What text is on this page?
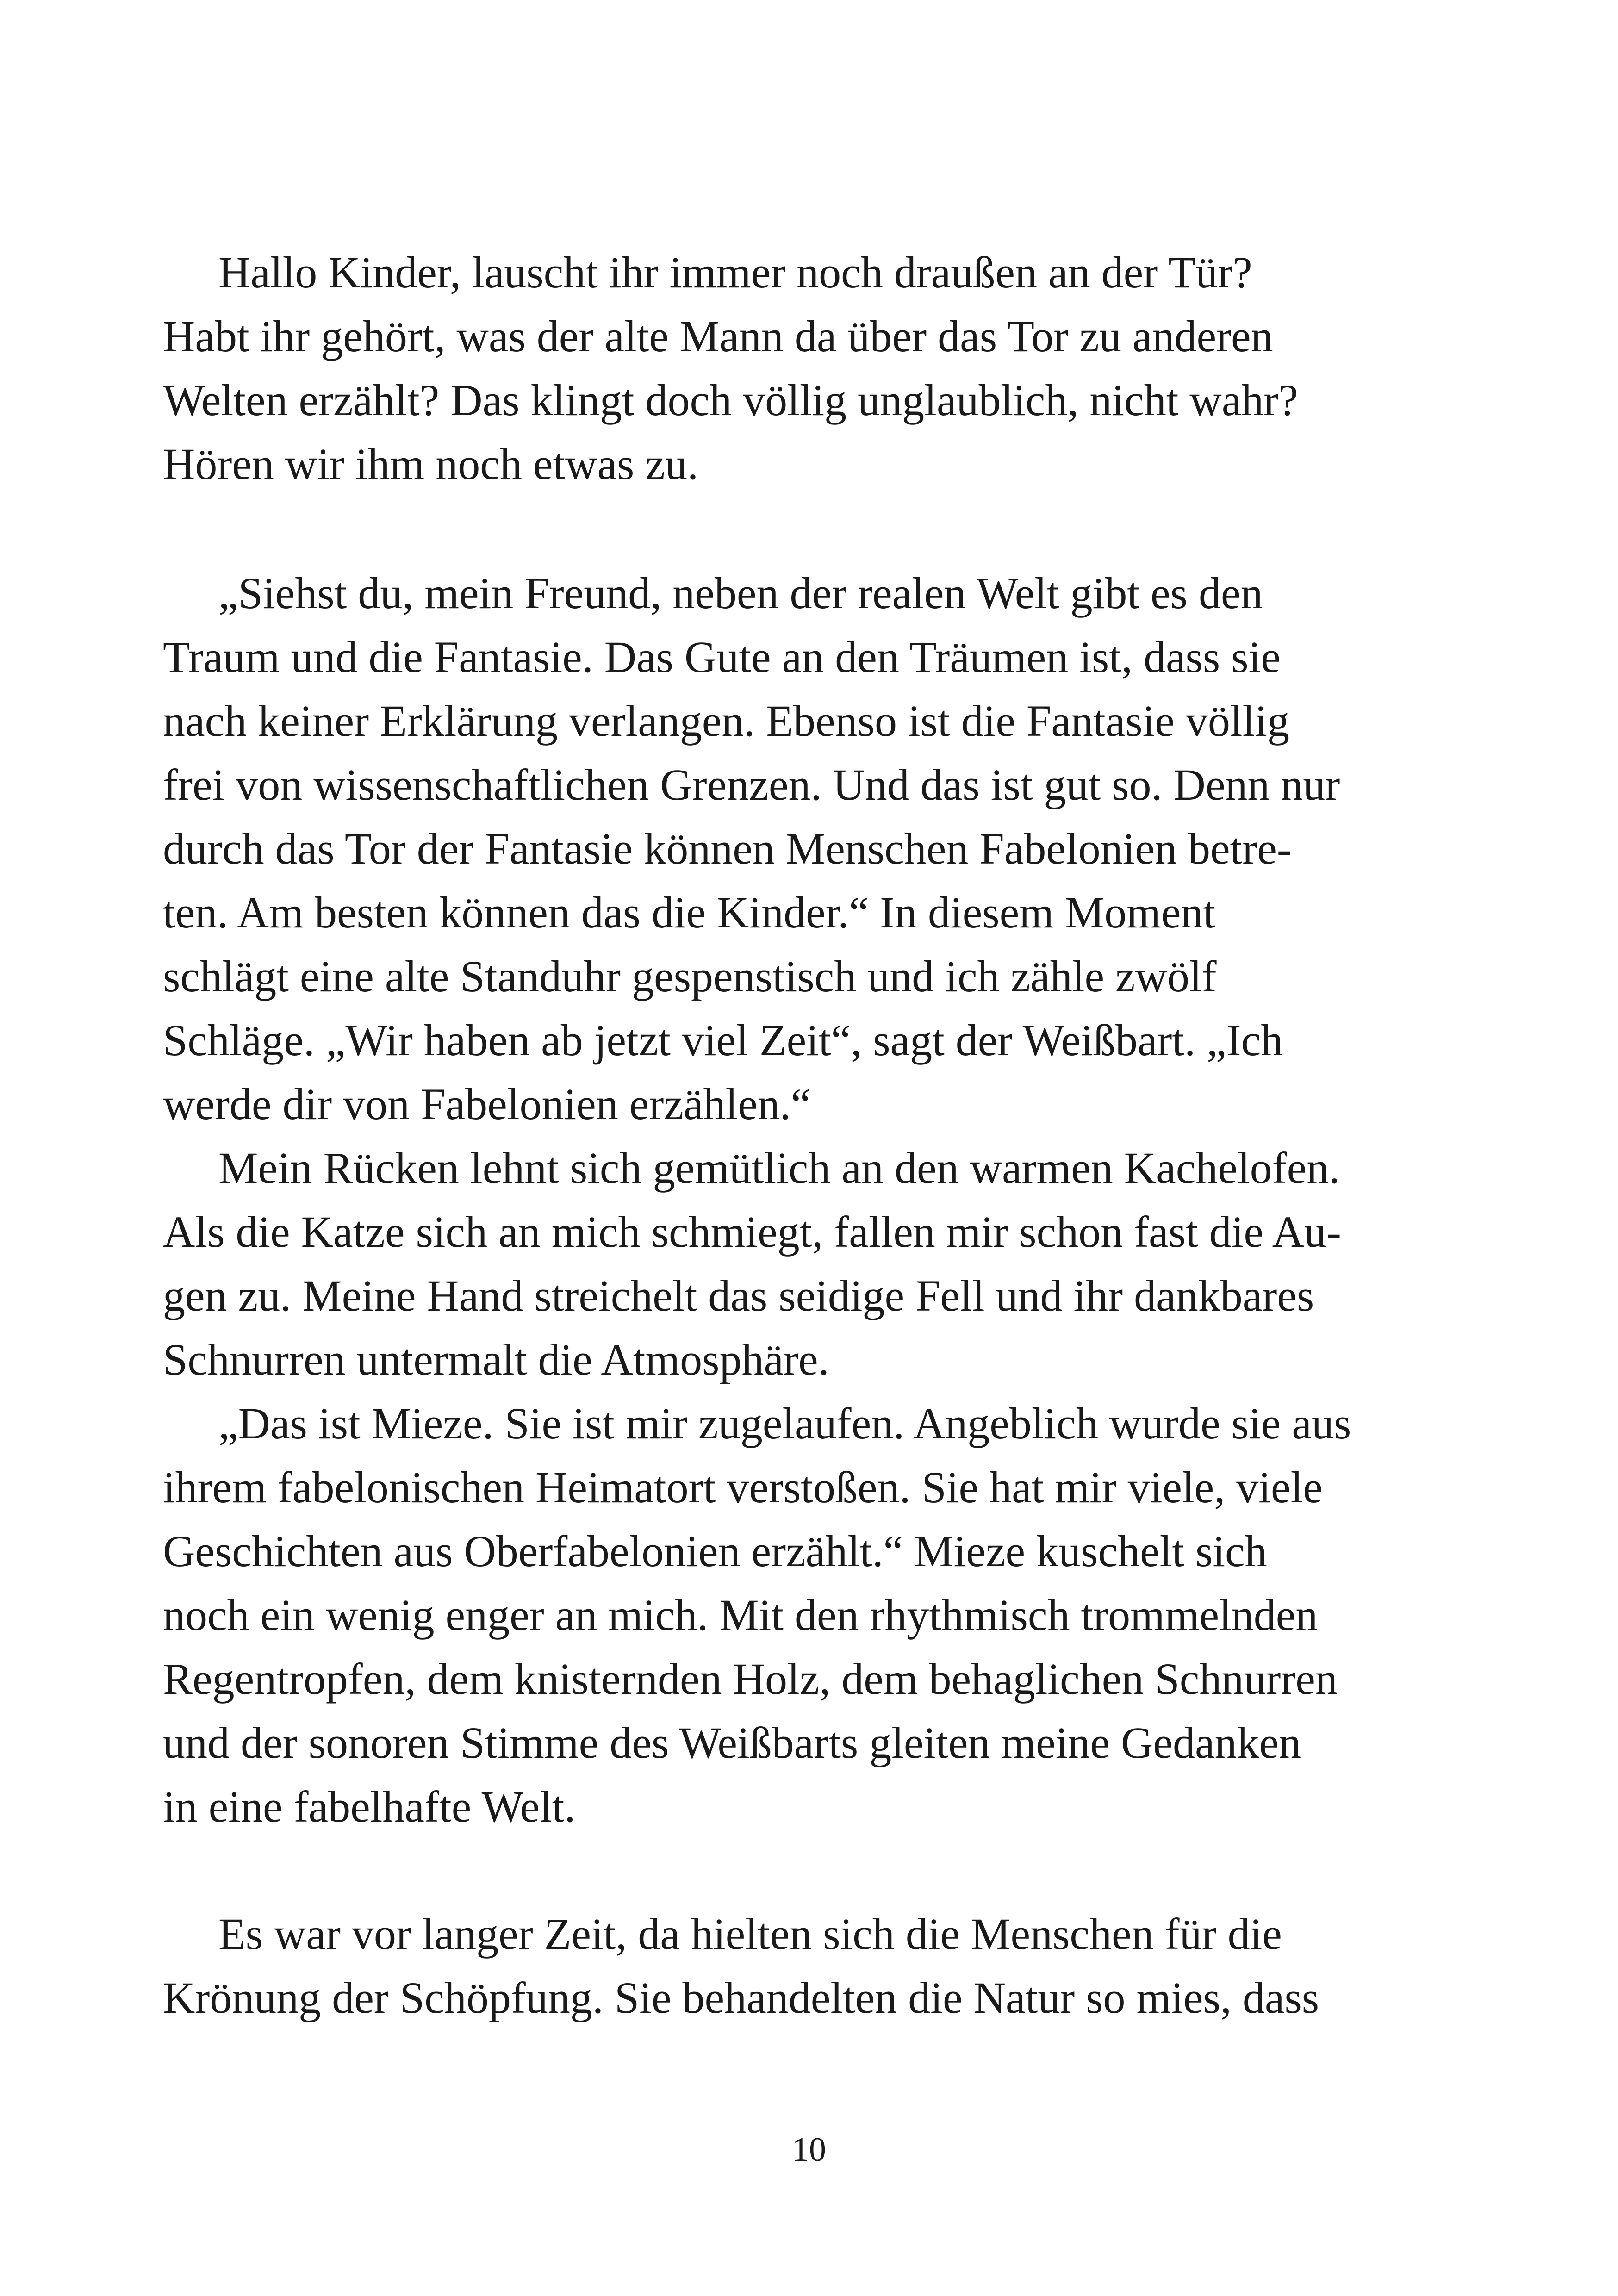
Hallo Kinder, lauscht ihr immer noch draußen an der Tür?
Habt ihr gehört, was der alte Mann da über das Tor zu anderen
Welten erzählt? Das klingt doch völlig unglaublich, nicht wahr?
Hören wir ihm noch etwas zu.
„Siehst du, mein Freund, neben der realen Welt gibt es den
Traum und die Fantasie. Das Gute an den Träumen ist, dass sie
nach keiner Erklärung verlangen. Ebenso ist die Fantasie völlig
frei von wissenschaftlichen Grenzen. Und das ist gut so. Denn nur
durch das Tor der Fantasie können Menschen Fabelonien betre-
ten. Am besten können das die Kinder.“ In diesem Moment
schlägt eine alte Standuhr gespenstisch und ich zähle zwölf
Schläge. „Wir haben ab jetzt viel Zeit“, sagt der Weißbart. „Ich
werde dir von Fabelonien erzählen.“
Mein Rücken lehnt sich gemütlich an den warmen Kachelofen.
Als die Katze sich an mich schmiegt, fallen mir schon fast die Au-
gen zu. Meine Hand streichelt das seidige Fell und ihr dankbares
Schnurren untermalt die Atmosphäre.
„Das ist Mieze. Sie ist mir zugelaufen. Angeblich wurde sie aus
ihrem fabelonischen Heimatort verstoßen. Sie hat mir viele, viele
Geschichten aus Oberfabelonien erzählt.“ Mieze kuschelt sich
noch ein wenig enger an mich. Mit den rhythmisch trommelnden
Regentropfen, dem knisternden Holz, dem behaglichen Schnurren
und der sonoren Stimme des Weißbarts gleiten meine Gedanken
in eine fabelhafte Welt.
Es war vor langer Zeit, da hielten sich die Menschen für die
Krönung der Schöpfung. Sie behandelten die Natur so mies, dass
10
